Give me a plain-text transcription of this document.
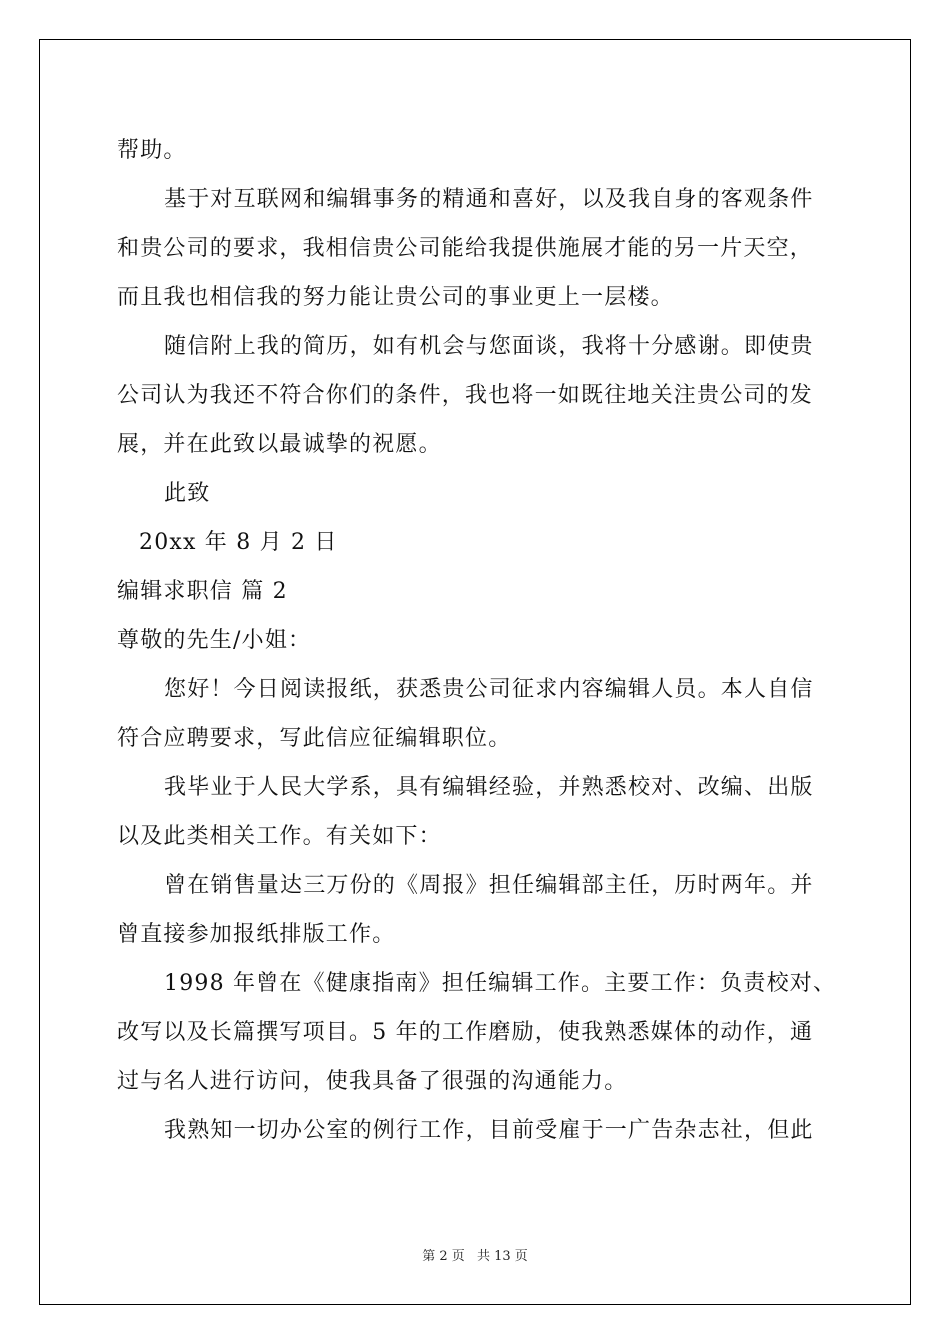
帮助。
基于对互联网和编辑事务的精通和喜好，以及我自身的客观条件
和贵公司的要求，我相信贵公司能给我提供施展才能的另一片天空，
而且我也相信我的努力能让贵公司的事业更上一层楼。
随信附上我的简历，如有机会与您面谈，我将十分感谢。即使贵
公司认为我还不符合你们的条件，我也将一如既往地关注贵公司的发
展，并在此致以最诚挚的祝愿。
此致
20xx 年 8 月 2 日
编辑求职信 篇 2
尊敬的先生/小姐：
您好！今日阅读报纸，获悉贵公司征求内容编辑人员。本人自信
符合应聘要求，写此信应征编辑职位。
我毕业于人民大学系，具有编辑经验，并熟悉校对、改编、出版
以及此类相关工作。有关如下：
曾在销售量达三万份的《周报》担任编辑部主任，历时两年。并
曾直接参加报纸排版工作。
1998 年曾在《健康指南》担任编辑工作。主要工作：负责校对、
改写以及长篇撰写项目。5 年的工作磨励，使我熟悉媒体的动作，通
过与名人进行访问，使我具备了很强的沟通能力。
我熟知一切办公室的例行工作，目前受雇于一广告杂志社，但此
第 2 页 共 13 页
